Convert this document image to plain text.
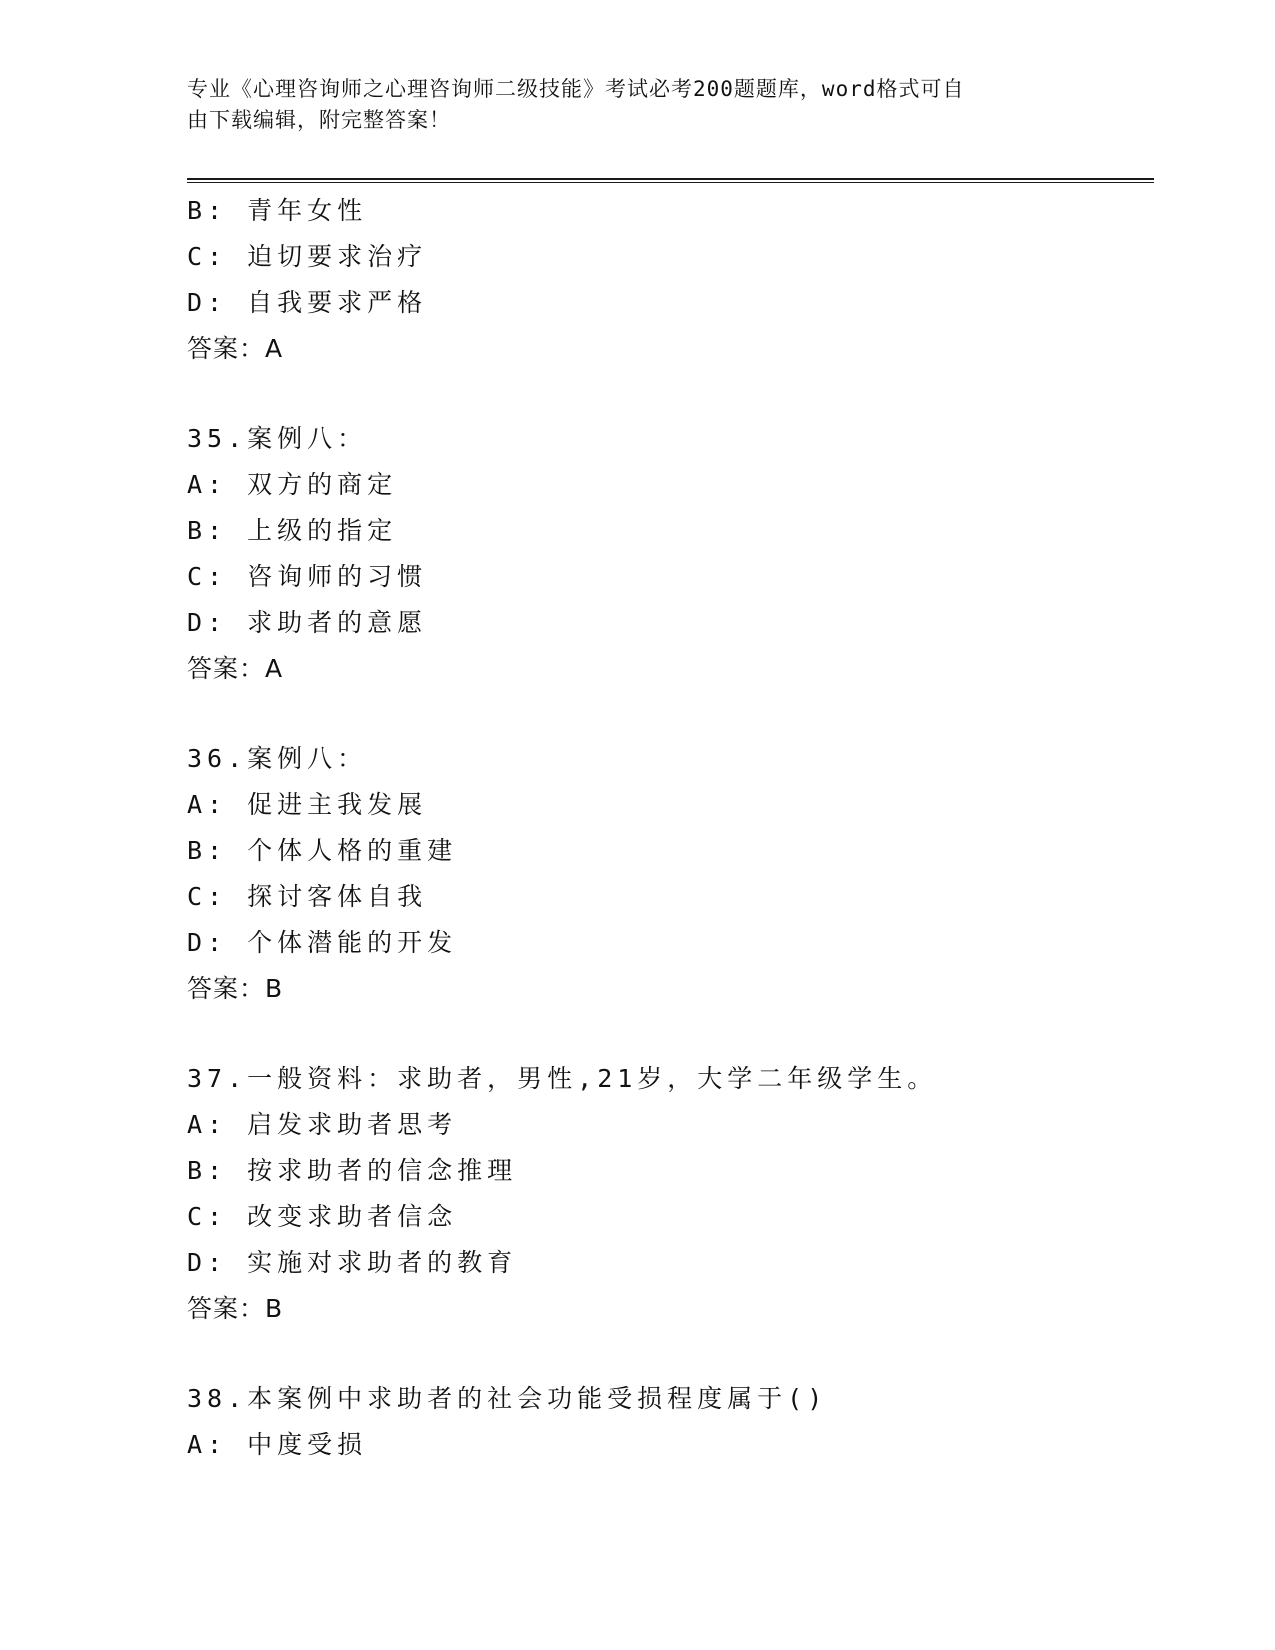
专业《心理咨询师之心理咨询师二级技能》考试必考200题题库，word格式可自
由下载编辑，附完整答案！
B: 青年女性
C: 迫切要求治疗
D: 自我要求严格
答案：A
35.案例八：
A: 双方的商定
B: 上级的指定
C: 咨询师的习惯
D: 求助者的意愿
答案：A
36.案例八：
A: 促进主我发展
B: 个体人格的重建
C: 探讨客体自我
D: 个体潜能的开发
答案：B
37.一般资料：求助者，男性,21岁，大学二年级学生。
A: 启发求助者思考
B: 按求助者的信念推理
C: 改变求助者信念
D: 实施对求助者的教育
答案：B
38.本案例中求助者的社会功能受损程度属于()
A: 中度受损
